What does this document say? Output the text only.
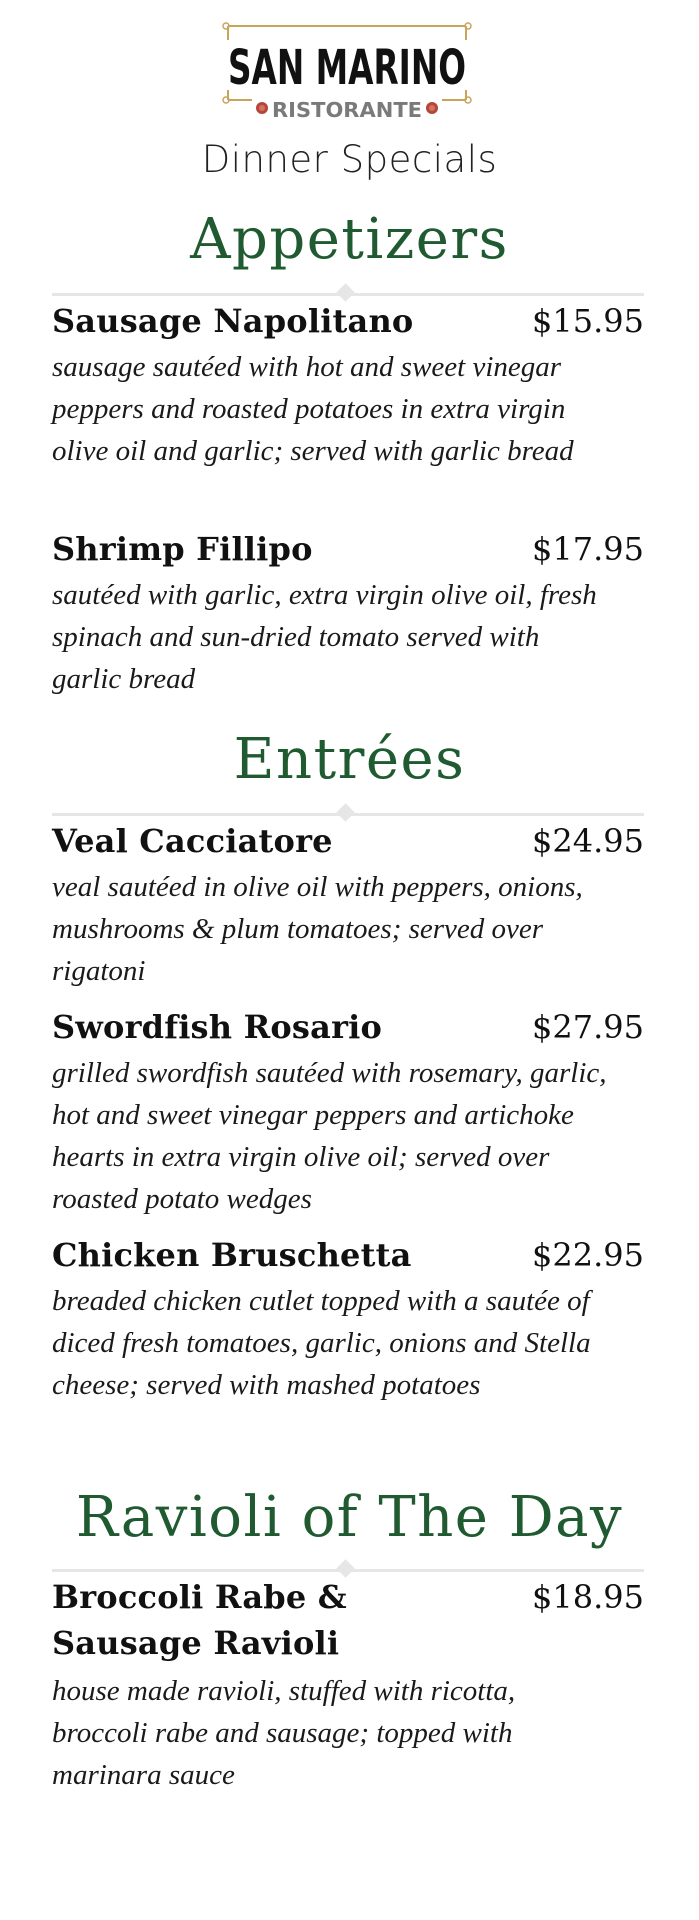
SAN MARINO
RISTORANTE
Dinner Specials
Appetizers
Sausage Napolitano	$15.95
sausage sautéed with hot and sweet vinegar peppers and roasted potatoes in extra virgin olive oil and garlic; served with garlic bread
Shrimp Fillipo	$17.95
sautéed with garlic, extra virgin olive oil, fresh spinach and sun-dried tomato served with garlic bread
Entrées
Veal Cacciatore	$24.95
veal sautéed in olive oil with peppers, onions, mushrooms & plum tomatoes; served over rigatoni
Swordfish Rosario	$27.95
grilled swordfish sautéed with rosemary, garlic, hot and sweet vinegar peppers and artichoke hearts in extra virgin olive oil; served over roasted potato wedges
Chicken Bruschetta	$22.95
breaded chicken cutlet topped with a sautée of diced fresh tomatoes, garlic, onions and Stella cheese; served with mashed potatoes
Ravioli of The Day
Broccoli Rabe & Sausage Ravioli
$18.95
house made ravioli, stuffed with ricotta, broccoli rabe and sausage; topped with marinara sauce
